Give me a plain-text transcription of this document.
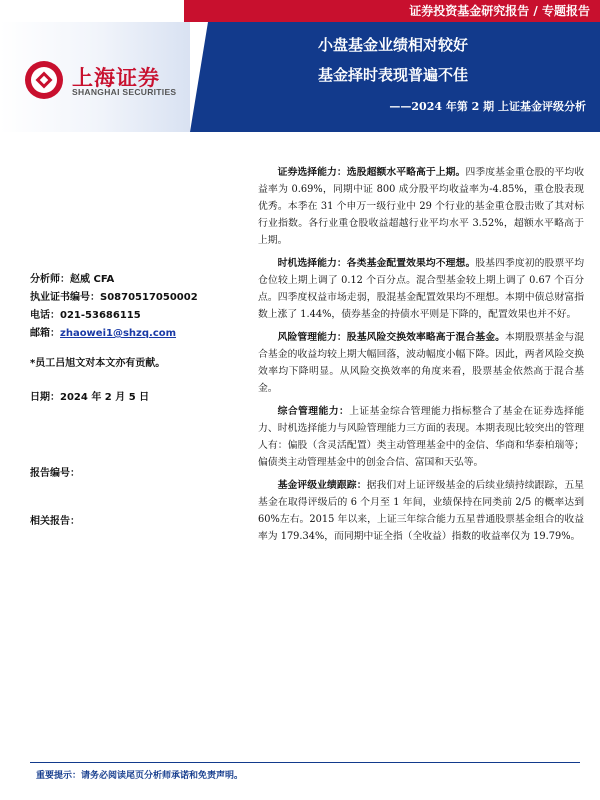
证券投资基金研究报告 / 专题报告
上海证券
SHANGHAI SECURITIES
小盘基金业绩相对较好
基金择时表现普遍不佳
——2024 年第 2 期 上证基金评级分析
分析师：赵威 CFA
执业证书编号：S0870517050002
电话：021-53686115
邮箱：zhaowei1@shzq.com
*员工吕旭文对本文亦有贡献。
日期：2024 年 2 月 5 日
报告编号：
相关报告：

证券选择能力：选股超额水平略高于上期。四季度基金重仓股的平均收益率为 0.69%，同期中证 800 成分股平均收益率为-4.85%，重仓股表现优秀。本季在 31 个申万一级行业中 29 个行业的基金重仓股击败了其对标行业指数。各行业重仓股收益超越行业平均水平 3.52%，超额水平略高于上期。

时机选择能力：各类基金配置效果均不理想。股基四季度初的股票平均仓位较上期上调了 0.12 个百分点。混合型基金较上期上调了 0.67 个百分点。四季度权益市场走弱，股混基金配置效果均不理想。本期中债总财富指数上涨了 1.44%，债券基金的持债水平则是下降的，配置效果也并不好。

风险管理能力：股基风险交换效率略高于混合基金。本期股票基金与混合基金的收益均较上期大幅回落，波动幅度小幅下降。因此，两者风险交换效率均下降明显。从风险交换效率的角度来看，股票基金依然高于混合基金。

综合管理能力：上证基金综合管理能力指标整合了基金在证券选择能力、时机选择能力与风险管理能力三方面的表现。本期表现比较突出的管理人有：偏股（含灵活配置）类主动管理基金中的金信、华商和华泰柏瑞等；偏债类主动管理基金中的创金合信、富国和天弘等。

基金评级业绩跟踪：据我们对上证评级基金的后续业绩持续跟踪，五星基金在取得评级后的 6 个月至 1 年间，业绩保持在同类前 2/5 的概率达到 60%左右。2015 年以来，上证三年综合能力五星普通股票基金组合的收益率为 179.34%，而同期中证全指（全收益）指数的收益率仅为 19.79%。

重要提示：请务必阅读尾页分析师承诺和免责声明。
